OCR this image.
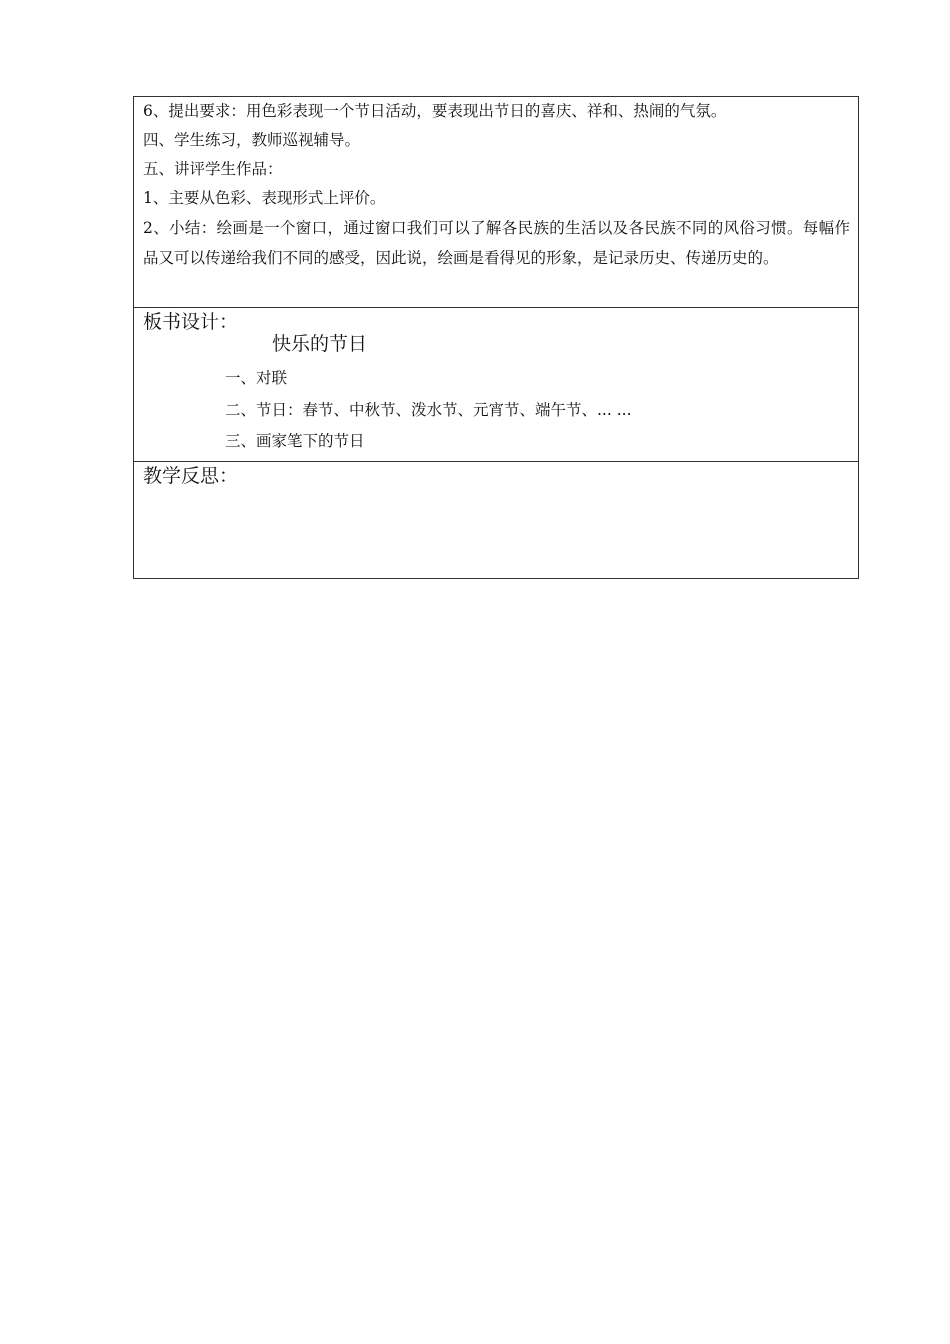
6、提出要求：用色彩表现一个节日活动，要表现出节日的喜庆、祥和、热闹的气氛。

四、学生练习，教师巡视辅导。

五、讲评学生作品：

1、主要从色彩、表现形式上评价。

2、小结：绘画是一个窗口，通过窗口我们可以了解各民族的生活以及各民族不同的风俗习惯。每幅作品又可以传递给我们不同的感受，因此说，绘画是看得见的形象，是记录历史、传递历史的。

板书设计：

快乐的节日
一、对联
二、节日：春节、中秋节、泼水节、元宵节、端午节、... ...
三、画家笔下的节日

教学反思：
